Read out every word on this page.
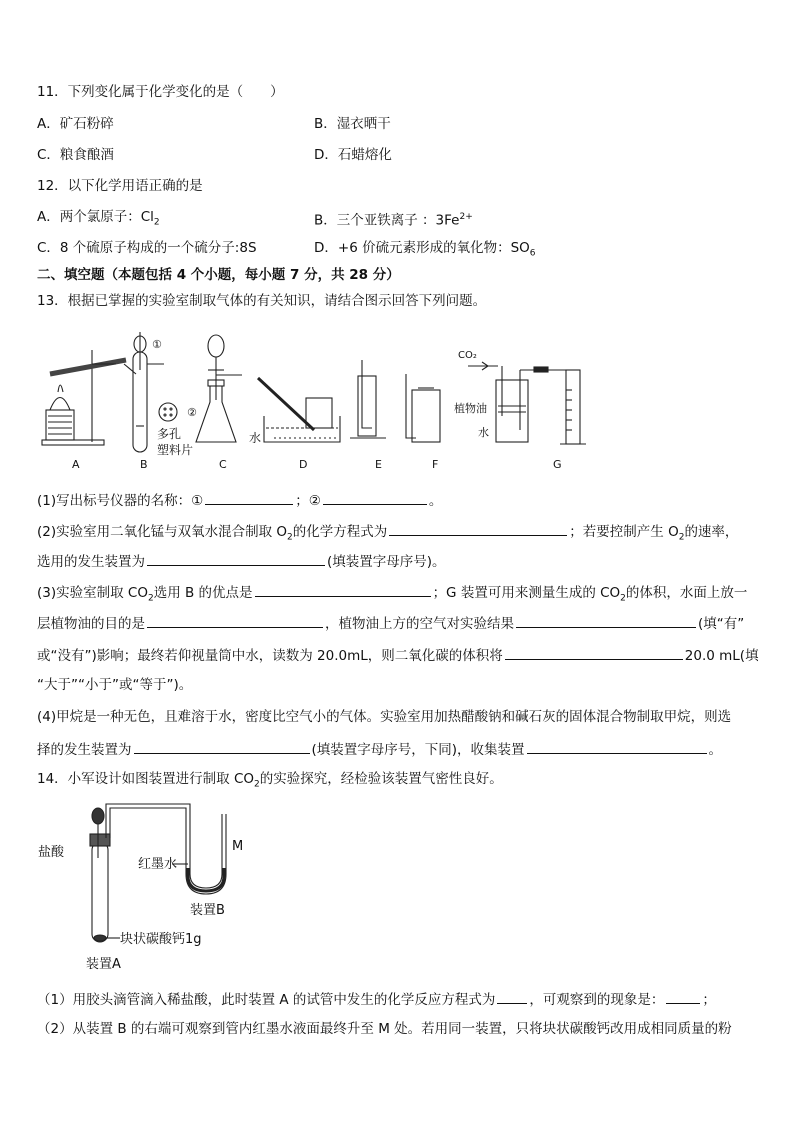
11．下列变化属于化学变化的是（　　）
A．矿石粉碎	B．湿衣晒干
C．粮食酿酒	D．石蜡熔化
12．以下化学用语正确的是
A．两个氯原子：$Cl_2$	B．三个亚铁离子 ：$3Fe^{2+}$
C．8 个硫原子构成的一个硫分子:8S	D．+6 价硫元素形成的氧化物：$SO_6$
二、填空题（本题包括 4 个小题，每小题 7 分，共 28 分）
13．根据已掌握的实验室制取气体的有关知识，请结合图示回答下列问题。
①
多孔
塑料片
②
水
CO₂
植物油
水
A	B	C	D	E	F	G
(1)写出标号仪器的名称：①	；②	。
(2)实验室用二氧化锰与双氧水混合制取 $O_2$的化学方程式为	；若要控制产生 $O_2$的速率，
选用的发生装置为	(填装置字母序号)。
(3)实验室制取 $CO_2$选用 B 的优点是	；G 装置可用来测量生成的 $CO_2$的体积，水面上放一
层植物油的目的是	，植物油上方的空气对实验结果	(填“有”
或“没有”)影响；最终若仰视量筒中水，读数为 20.0mL，则二氧化碳的体积将	20.0 mL(填
“大于”“小于”或“等于”)。
(4)甲烷是一种无色，且难溶于水，密度比空气小的气体。实验室用加热醋酸钠和碱石灰的固体混合物制取甲烷，则选
择的发生装置为	(填装置字母序号，下同)，收集装置	。
14．小军设计如图装置进行制取 $CO_2$的实验探究，经检验该装置气密性良好。
盐酸
红墨水
M
装置B
块状碳酸钙1g
装置A
（1）用胶头滴管滴入稀盐酸，此时装置 A 的试管中发生的化学反应方程式为	，可观察到的现象是：	；
（2）从装置 B 的右端可观察到管内红墨水液面最终升至 M 处。若用同一装置，只将块状碳酸钙改用成相同质量的粉
